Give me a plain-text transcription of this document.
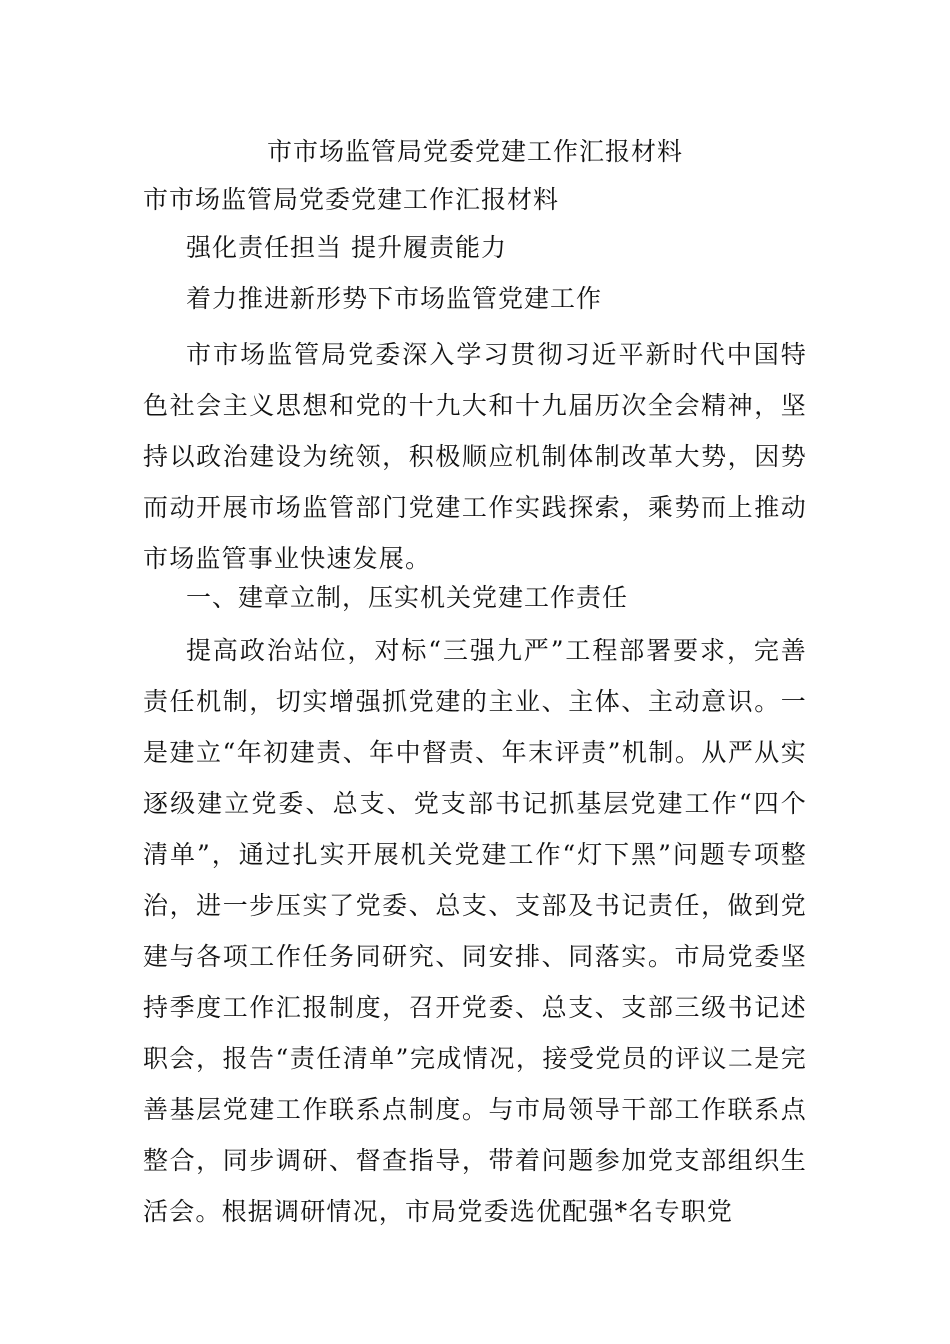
市市场监管局党委党建工作汇报材料

市市场监管局党委党建工作汇报材料

强化责任担当 提升履责能力

着力推进新形势下市场监管党建工作

市市场监管局党委深入学习贯彻习近平新时代中国特色社会主义思想和党的十九大和十九届历次全会精神，坚持以政治建设为统领，积极顺应机制体制改革大势，因势而动开展市场监管部门党建工作实践探索，乘势而上推动市场监管事业快速发展。

一、建章立制，压实机关党建工作责任

提高政治站位，对标“三强九严”工程部署要求，完善责任机制，切实增强抓党建的主业、主体、主动意识。一是建立“年初建责、年中督责、年末评责”机制。从严从实逐级建立党委、总支、党支部书记抓基层党建工作“四个清单”，通过扎实开展机关党建工作“灯下黑”问题专项整治，进一步压实了党委、总支、支部及书记责任，做到党建与各项工作任务同研究、同安排、同落实。市局党委坚持季度工作汇报制度，召开党委、总支、支部三级书记述职会，报告“责任清单”完成情况，接受党员的评议二是完善基层党建工作联系点制度。与市局领导干部工作联系点整合，同步调研、督查指导，带着问题参加党支部组织生活会。根据调研情况，市局党委选优配强*名专职党
